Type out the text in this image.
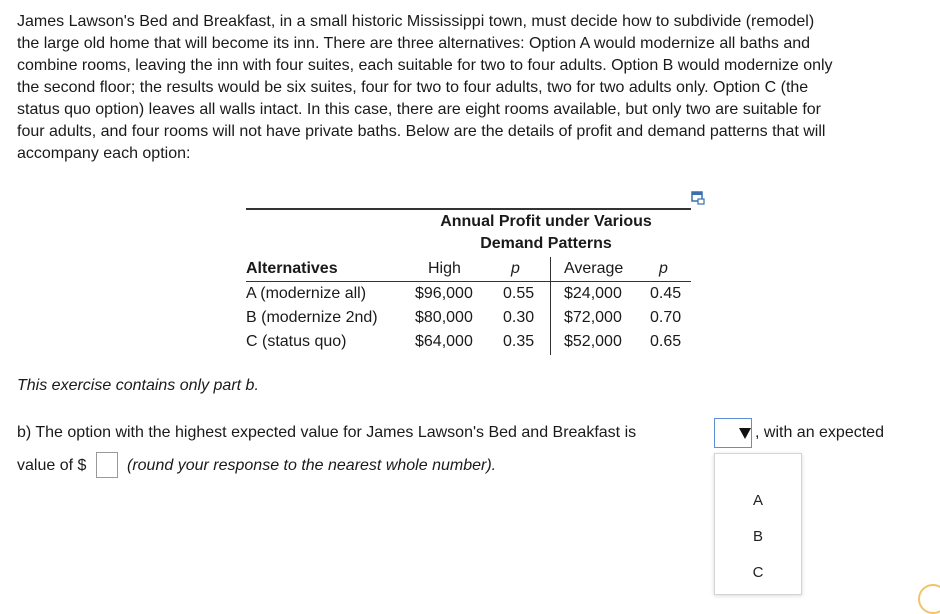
James Lawson's Bed and Breakfast, in a small historic Mississippi town, must decide how to subdivide (remodel)
the large old home that will become its inn. There are three alternatives: Option A would modernize all baths and
combine rooms, leaving the inn with four suites, each suitable for two to four adults. Option B would modernize only
the second floor; the results would be six suites, four for two to four adults, two for two adults only. Option C (the
status quo option) leaves all walls intact. In this case, there are eight rooms available, but only two are suitable for
four adults, and four rooms will not have private baths. Below are the details of profit and demand patterns that will
accompany each option:
Annual Profit under Various
Demand Patterns
Alternatives	High	p	Average p
A (modernize all)	$96,000 0.55 $24,000 0.45
B (modernize 2nd) $80,000 0.30 $72,000 0.70
C (status quo)	$64,000 0.35 $52,000 0.65
This exercise contains only part b.
b) The option with the highest expected value for James Lawson's Bed and Breakfast is	, with an expected
value of $	(round your response to the nearest whole number).
A
B
C
